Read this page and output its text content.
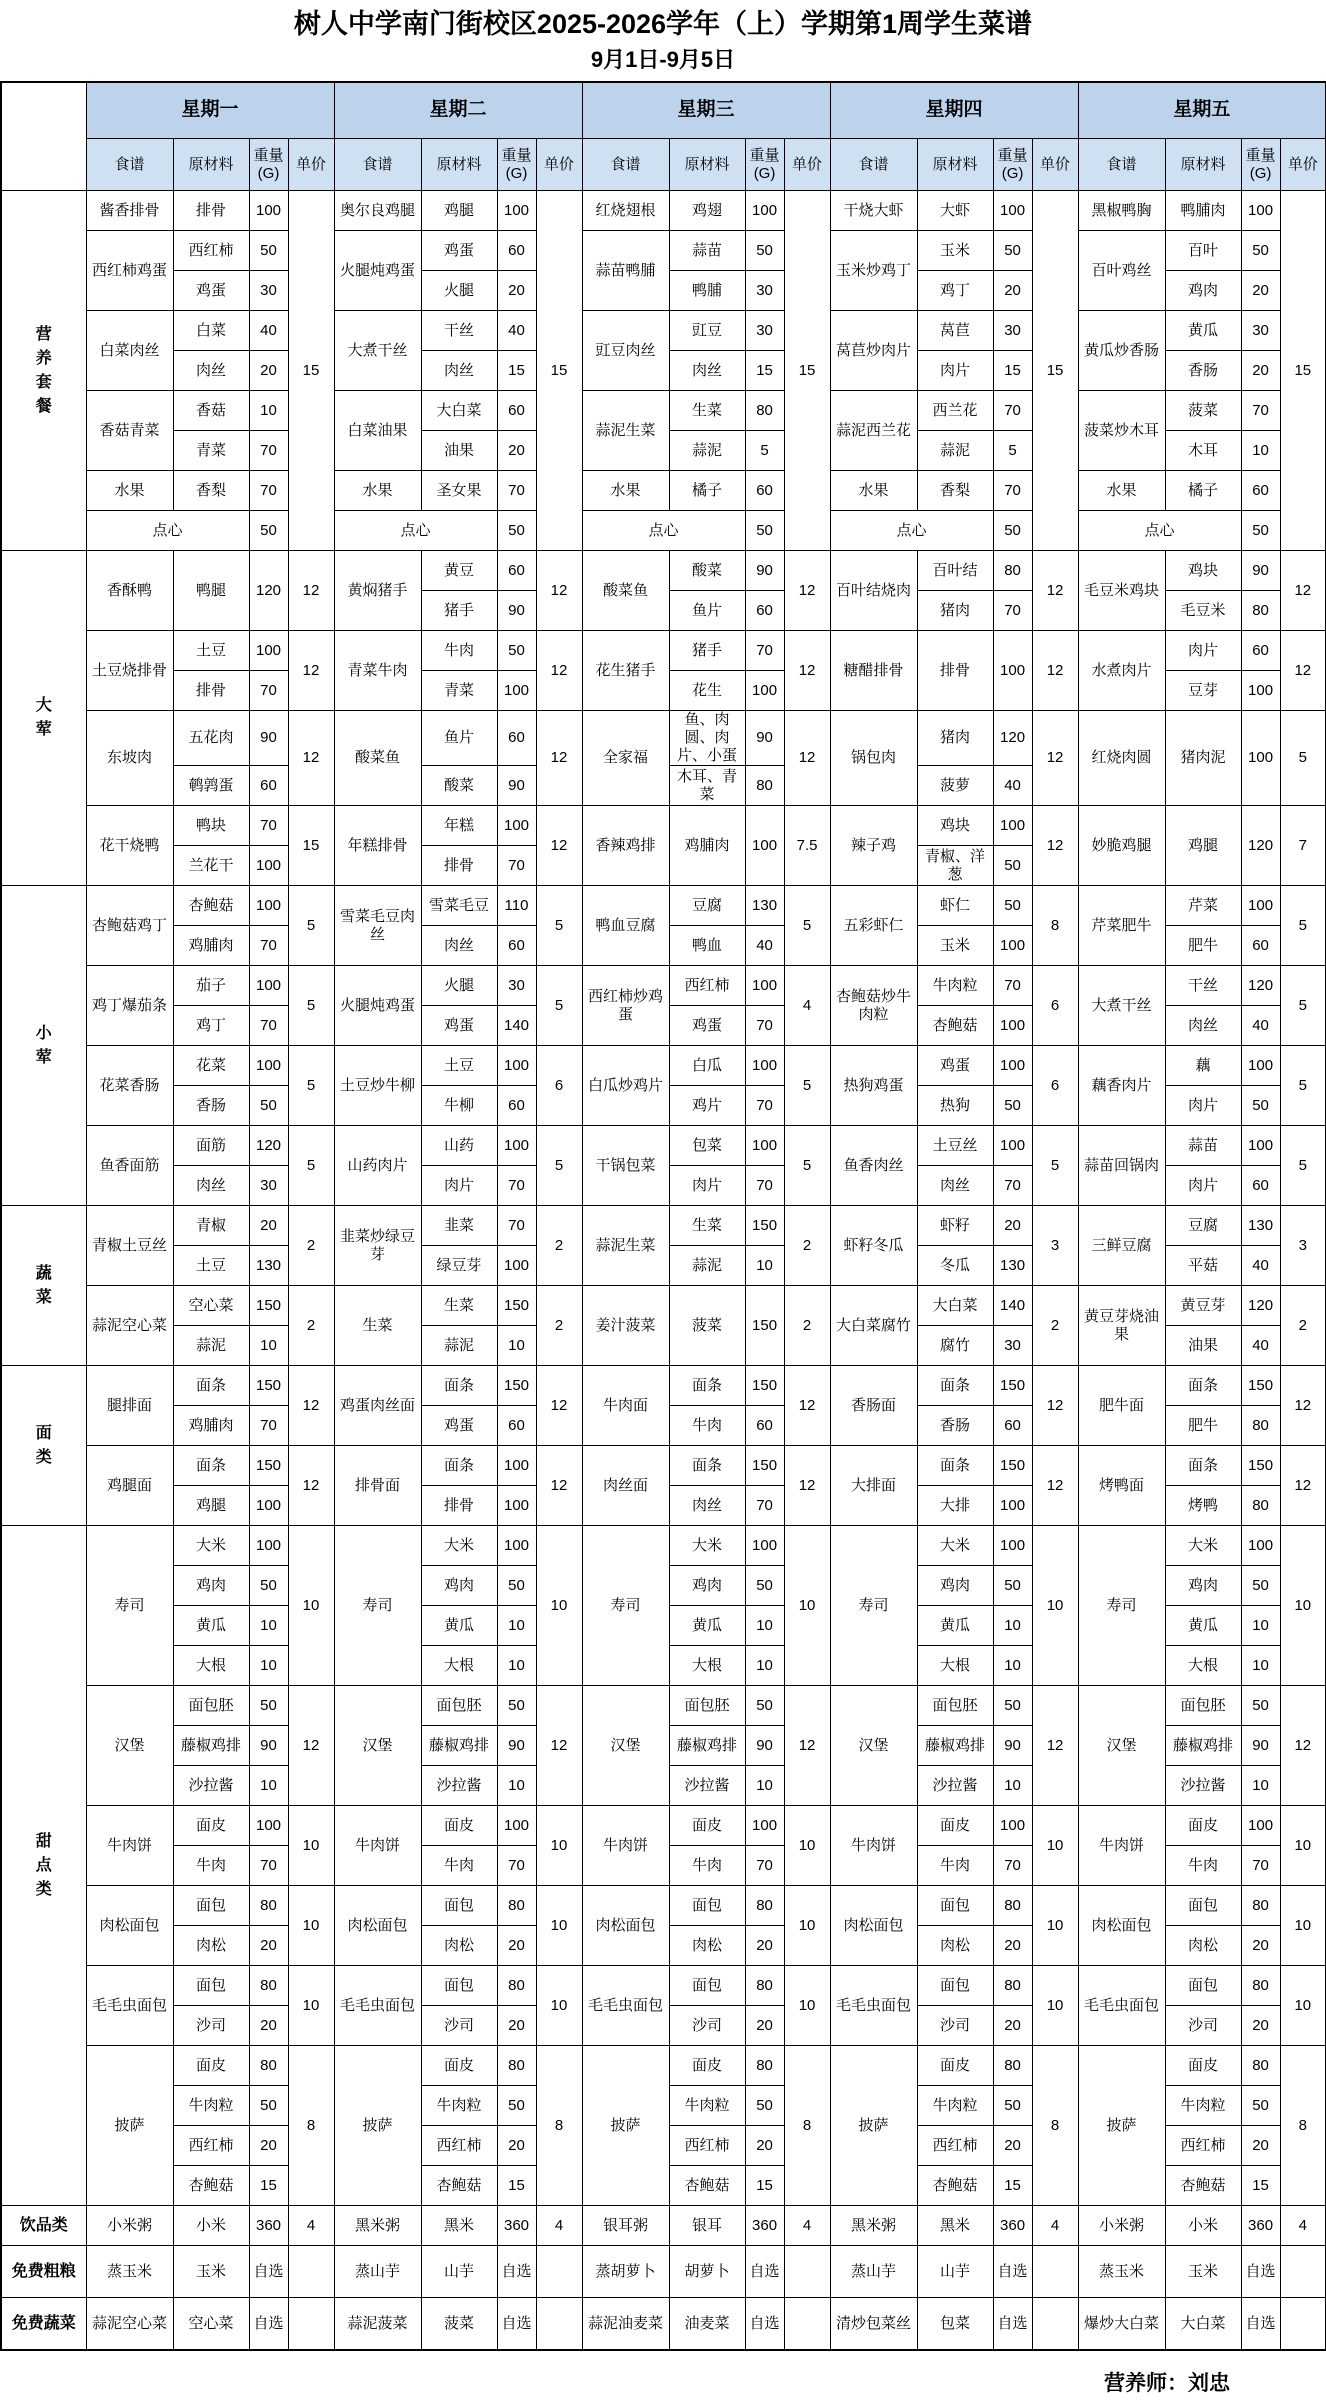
树人中学南门街校区2025-2026学年（上）学期第1周学生菜谱
9月1日-9月5日
	星期一				星期二				星期三				星期四				星期五			
	食谱	原材料	重量(G)	单价	食谱	原材料	重量(G)	单价	食谱	原材料	重量(G)	单价	食谱	原材料	重量(G)	单价	食谱	原材料	重量(G)	单价

营养套餐	酱香排骨	排骨	100	15	奥尔良鸡腿	鸡腿	100	15	红烧翅根	鸡翅	100	15	干烧大虾	大虾	100	15	黑椒鸭胸	鸭脯肉	100	15
	西红柿鸡蛋	西红柿	50		火腿炖鸡蛋	鸡蛋	60		蒜苗鸭脯	蒜苗	50		玉米炒鸡丁	玉米	50		百叶鸡丝	百叶	50	
		鸡蛋	30			火腿	20			鸭脯	30			鸡丁	20			鸡肉	20	
	白菜肉丝	白菜	40		大煮干丝	干丝	40		豇豆肉丝	豇豆	30		莴苣炒肉片	莴苣	30		黄瓜炒香肠	黄瓜	30	
		肉丝	20			肉丝	15			肉丝	15			肉片	15			香肠	20	
	香菇青菜	香菇	10		白菜油果	大白菜	60		蒜泥生菜	生菜	80		蒜泥西兰花	西兰花	70		菠菜炒木耳	菠菜	70	
		青菜	70			油果	20			蒜泥	5			蒜泥	5			木耳	10	
	水果	香梨	70		水果	圣女果	70		水果	橘子	60		水果	香梨	70		水果	橘子	60	
	点心		50		点心		50		点心		50		点心		50		点心		50	

大荤	香酥鸭	鸭腿	120	12	黄焖猪手	黄豆	60	12	酸菜鱼	酸菜	90	12	百叶结烧肉	百叶结	80	12	毛豆米鸡块	鸡块	90	12
						猪手	90			鱼片	60			猪肉	70			毛豆米	80	
	土豆烧排骨	土豆	100	12	青菜牛肉	牛肉	50	12	花生猪手	猪手	70	12	糖醋排骨	排骨	100	12	水煮肉片	肉片	60	12
		排骨	70			青菜	100			花生	100							豆芽	100	
	东坡肉	五花肉	90	12	酸菜鱼	鱼片	60	12	全家福	鱼、肉圆、肉片、小蛋	90	12	锅包肉	猪肉	120	12	红烧肉圆	猪肉泥	100	5
		鹌鹑蛋	60			酸菜	90			木耳、青菜	80			菠萝	40					
	花干烧鸭	鸭块	70	15	年糕排骨	年糕	100	12	香辣鸡排	鸡脯肉	100	7.5	辣子鸡	鸡块	100	12	妙脆鸡腿	鸡腿	120	7
		兰花干	100			排骨	70							青椒、洋葱	50					

小荤	杏鲍菇鸡丁	杏鲍菇	100	5	雪菜毛豆肉丝	雪菜毛豆	110	5	鸭血豆腐	豆腐	130	5	五彩虾仁	虾仁	50	8	芹菜肥牛	芹菜	100	5
		鸡脯肉	70			肉丝	60			鸭血	40			玉米	100			肥牛	60	
	鸡丁爆茄条	茄子	100	5	火腿炖鸡蛋	火腿	30	5	西红柿炒鸡蛋	西红柿	100	4	杏鲍菇炒牛肉粒	牛肉粒	70	6	大煮干丝	干丝	120	5
		鸡丁	70			鸡蛋	140			鸡蛋	70			杏鲍菇	100			肉丝	40	
	花菜香肠	花菜	100	5	土豆炒牛柳	土豆	100	6	白瓜炒鸡片	白瓜	100	5	热狗鸡蛋	鸡蛋	100	6	藕香肉片	藕	100	5
		香肠	50			牛柳	60			鸡片	70			热狗	50			肉片	50	
	鱼香面筋	面筋	120	5	山药肉片	山药	100	5	干锅包菜	包菜	100	5	鱼香肉丝	土豆丝	100	5	蒜苗回锅肉	蒜苗	100	5
		肉丝	30			肉片	70			肉片	70			肉丝	70			肉片	60	

蔬菜	青椒土豆丝	青椒	20	2	韭菜炒绿豆芽	韭菜	70	2	蒜泥生菜	生菜	150	2	虾籽冬瓜	虾籽	20	3	三鲜豆腐	豆腐	130	3
		土豆	130			绿豆芽	100			蒜泥	10			冬瓜	130			平菇	40	
	蒜泥空心菜	空心菜	150	2	生菜	生菜	150	2	姜汁菠菜	菠菜	150	2	大白菜腐竹	大白菜	140	2	黄豆芽烧油果	黄豆芽	120	2
		蒜泥	10			蒜泥	10							腐竹	30			油果	40	

面类	腿排面	面条	150	12	鸡蛋肉丝面	面条	150	12	牛肉面	面条	150	12	香肠面	面条	150	12	肥牛面	面条	150	12
		鸡脯肉	70			鸡蛋	60			牛肉	60			香肠	60			肥牛	80	
	鸡腿面	面条	150	12	排骨面	面条	100	12	肉丝面	面条	150	12	大排面	面条	150	12	烤鸭面	面条	150	12
		鸡腿	100			排骨	100			肉丝	70			大排	100			烤鸭	80	

甜点类	寿司	大米	100	10	寿司	大米	100	10	寿司	大米	100	10	寿司	大米	100	10	寿司	大米	100	10
		鸡肉	50			鸡肉	50			鸡肉	50			鸡肉	50			鸡肉	50	
		黄瓜	10			黄瓜	10			黄瓜	10			黄瓜	10			黄瓜	10	
		大根	10			大根	10			大根	10			大根	10			大根	10	
	汉堡	面包胚	50	12	汉堡	面包胚	50	12	汉堡	面包胚	50	12	汉堡	面包胚	50	12	汉堡	面包胚	50	12
		藤椒鸡排	90			藤椒鸡排	90			藤椒鸡排	90			藤椒鸡排	90			藤椒鸡排	90	
		沙拉酱	10			沙拉酱	10			沙拉酱	10			沙拉酱	10			沙拉酱	10	
	牛肉饼	面皮	100	10	牛肉饼	面皮	100	10	牛肉饼	面皮	100	10	牛肉饼	面皮	100	10	牛肉饼	面皮	100	10
		牛肉	70			牛肉	70			牛肉	70			牛肉	70			牛肉	70	
	肉松面包	面包	80	10	肉松面包	面包	80	10	肉松面包	面包	80	10	肉松面包	面包	80	10	肉松面包	面包	80	10
		肉松	20			肉松	20			肉松	20			肉松	20			肉松	20	
	毛毛虫面包	面包	80	10	毛毛虫面包	面包	80	10	毛毛虫面包	面包	80	10	毛毛虫面包	面包	80	10	毛毛虫面包	面包	80	10
		沙司	20			沙司	20			沙司	20			沙司	20			沙司	20	
	披萨	面皮	80	8	披萨	面皮	80	8	披萨	面皮	80	8	披萨	面皮	80	8	披萨	面皮	80	8
		牛肉粒	50			牛肉粒	50			牛肉粒	50			牛肉粒	50			牛肉粒	50	
		西红柿	20			西红柿	20			西红柿	20			西红柿	20			西红柿	20	
		杏鲍菇	15			杏鲍菇	15			杏鲍菇	15			杏鲍菇	15			杏鲍菇	15	
饮品类	小米粥	小米	360	4	黑米粥	黑米	360	4	银耳粥	银耳	360	4	黑米粥	黑米	360	4	小米粥	小米	360	4
免费粗粮	蒸玉米	玉米	自选		蒸山芋	山芋	自选		蒸胡萝卜	胡萝卜	自选		蒸山芋	山芋	自选		蒸玉米	玉米	自选	
免费蔬菜	蒜泥空心菜	空心菜	自选		蒜泥菠菜	菠菜	自选		蒜泥油麦菜	油麦菜	自选		清炒包菜丝	包菜	自选		爆炒大白菜	大白菜	自选	
营养师：刘忠
